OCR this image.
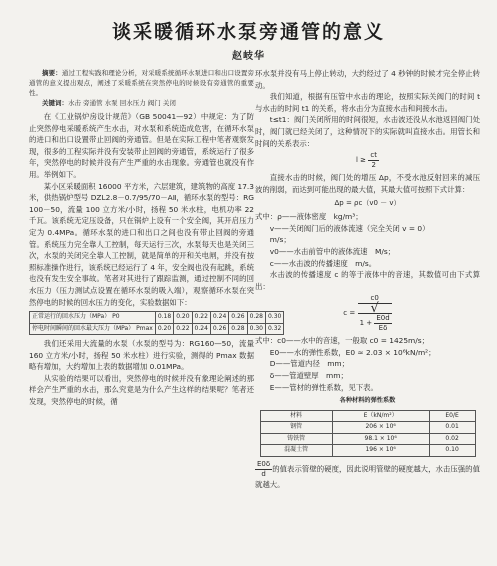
谈采暖循环水泵旁通管的意义
赵岐华

摘要：通过工程实践和理论分析，对采暖系统循环水泵进口和出口设置旁通管的意义提出观点，阐述了采暖系统在突然停电的时候设有旁通管的重要性。

关键词：水击 旁通管 水泵 回水压力 阀门 关闭

在《工业锅炉房设计规范》（GB 50041—92）中规定：为了防止突然停电采暖系统产生水击，对水泵和系统造成危害，在循环水泵的进口和出口设置带止回阀的旁通管。但是在实际工程中笔者观察发现，很多的工程实际并没有安装带止回阀的旁通管，系统运行了很多年，突然停电的时候并没有产生严重的水击现象。旁通管也就没有作用。举例如下。

某小区采暖面积 16000 平方米，六层建筑，建筑物的高度 17.3 米，供热锅炉型号 DZL2.8－0.7/95/70－AⅡ，循环水泵的型号：RG100－50，流量 100 立方米/小时，扬程 50 米水柱，电机功率 22 千瓦。该系统无定压设备，只在锅炉上设有一个安全阀，其开启压力定为 0.4MPa。循环水泵的进口和出口之间也没有带止回阀的旁通管。系统压力完全靠人工控制，每天运行三次，水泵每天也是关闭三次，水泵的关闭完全靠人工控制，就是简单的开和关电闸，并没有按照标准操作进行，该系统已经运行了 4 年，安全阀也没有起跳，系统也没有发生安全事故。笔者对其进行了跟踪监测，通过控制不同的回水压力（压力测试点设置在循环水泵的吸入端），观察循环水泵在突然停电的时候的回水压力的变化，实验数据如下：

正常运行的回水压力（MPa） P0	0.18	0.20	0.22	0.24	0.26	0.28	0.30
停电时间瞬间的回水最大压力（MPa） Pmax	0.20	0.22	0.24	0.26	0.28	0.30	0.32

我们还采用大流量的水泵（水泵的型号为：RG160—50，流量 160 立方米/小时，扬程 50 米水柱）进行实验，测得的 Pmax 数据略有增加，大约增加上表的数据增加 0.01MPa。

从实验的结果可以看出，突然停电的时候并没有象理论阐述的那样会产生严重的水击，那么究竟是为什么产生这样的结果呢？笔者还发现，突然停电的时候，循

环水泵并没有马上停止转动，大约经过了 4 秒钟的时候才完全停止转动。

我们知道，根据有压管中水击的理论，按照实际关阀门的时间 t 与水击的时间 t1 的关系，将水击分为直接水击和间接水击。

t≤t1：阀门关闭所用的时间很短，水击波还没从水池返回阀门处时，阀门就已经关闭了，这种情况下的实际就叫直接水击。用管长和时间的关系表示：

$l \ge \frac{ct}{2}$

直接水击的时候，阀门处的增压 Δp，不受水池反射回来的减压波的削弱，而达到可能出现的最大值，其最大值可按照下式计算：

Δp = ρc（v0 － v）

式中：ρ——液体密度　kg/m³；

v——关闭阀门后的液体流速（完全关闭 v = 0）

m/s；

v0——水击前管中的液体流速　M/s；

c——水击波的传播速度　m/s。

水击波的传播速度 c 的等于液体中的音速，其数值可由下式算出：

c =
c0
√
$1 + \frac{E0d}{E\delta}$

式中：c0——水中的音速，一般取 c0 = 1425m/s；

E0——水的弹性系数，E0 ≈ 2.03 × 10⁶kN/m²；

D——管道内径　mm；

δ——管道壁厚　mm；

E——管材的弹性系数，见下表。

各种材料的弹性系数
材料	E（kN/m²）	E0/E
钢管	206 × 10⁶	0.01
铸铁管	98.1 × 10⁶	0.02
混凝土管	196 × 10⁶	0.10

$\frac{E0\delta}{d}$ 的值表示管壁的硬度，因此说明管壁的硬度越大，水击压强的值就越大。
